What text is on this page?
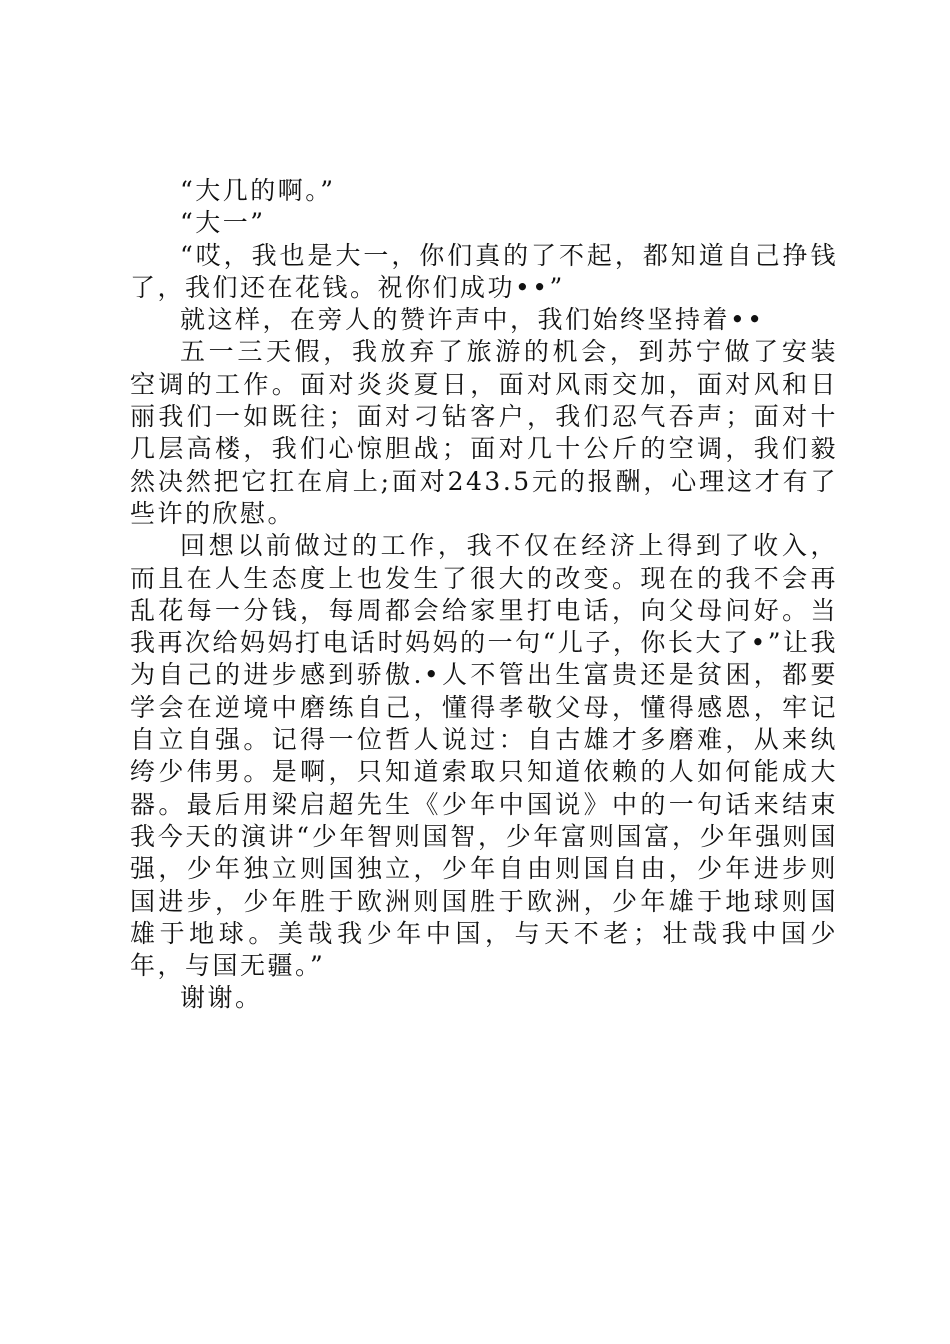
“大几的啊。”

“大一”

“哎，我也是大一，你们真的了不起，都知道自己挣钱了，我们还在花钱。祝你们成功••”

就这样，在旁人的赞许声中，我们始终坚持着••

五一三天假，我放弃了旅游的机会，到苏宁做了安装空调的工作。面对炎炎夏日，面对风雨交加，面对风和日丽我们一如既往；面对刁钻客户，我们忍气吞声；面对十几层高楼，我们心惊胆战；面对几十公斤的空调，我们毅然决然把它扛在肩上;面对243.5元的报酬，心理这才有了些许的欣慰。

回想以前做过的工作，我不仅在经济上得到了收入，而且在人生态度上也发生了很大的改变。现在的我不会再乱花每一分钱，每周都会给家里打电话，向父母问好。当我再次给妈妈打电话时妈妈的一句“儿子，你长大了•”让我为自己的进步感到骄傲.•人不管出生富贵还是贫困，都要学会在逆境中磨练自己，懂得孝敬父母，懂得感恩，牢记自立自强。记得一位哲人说过：自古雄才多磨难，从来纨绔少伟男。是啊，只知道索取只知道依赖的人如何能成大器。最后用梁启超先生《少年中国说》中的一句话来结束我今天的演讲“少年智则国智，少年富则国富，少年强则国强，少年独立则国独立，少年自由则国自由，少年进步则国进步，少年胜于欧洲则国胜于欧洲，少年雄于地球则国雄于地球。美哉我少年中国，与天不老；壮哉我中国少年，与国无疆。”

谢谢。
